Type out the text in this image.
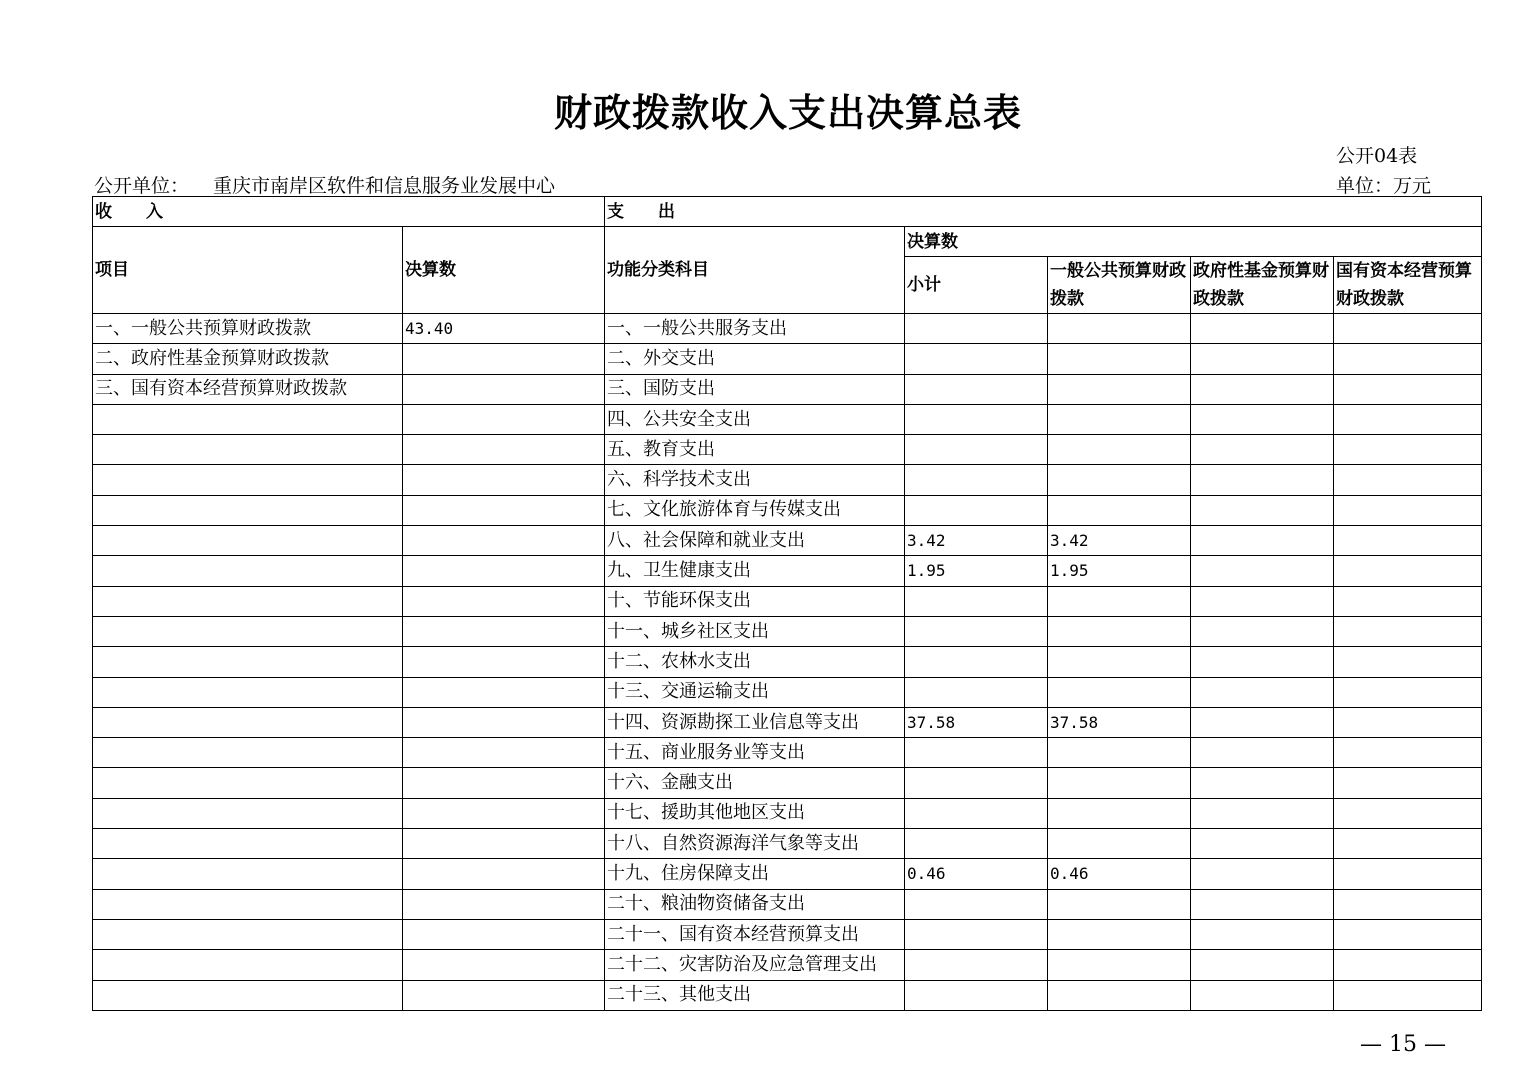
财政拨款收入支出决算总表
公开04表
公开单位： 重庆市南岸区软件和信息服务业发展中心	单位：万元
收　　入		支　　出				
项目	决算数	功能分类科目	决算数			
			小计	一般公共预算财政拨款	政府性基金预算财政拨款	国有资本经营预算财政拨款
一、一般公共预算财政拨款	43.40	一、一般公共服务支出				
二、政府性基金预算财政拨款		二、外交支出				
三、国有资本经营预算财政拨款		三、国防支出				
		四、公共安全支出				
		五、教育支出				
		六、科学技术支出				
		七、文化旅游体育与传媒支出				
		八、社会保障和就业支出	3.42	3.42		
		九、卫生健康支出	1.95	1.95		
		十、节能环保支出				
		十一、城乡社区支出				
		十二、农林水支出				
		十三、交通运输支出				
		十四、资源勘探工业信息等支出	37.58	37.58		
		十五、商业服务业等支出				
		十六、金融支出				
		十七、援助其他地区支出				
		十八、自然资源海洋气象等支出				
		十九、住房保障支出	0.46	0.46		
		二十、粮油物资储备支出				
		二十一、国有资本经营预算支出				
		二十二、灾害防治及应急管理支出				
		二十三、其他支出				
— 15 —
